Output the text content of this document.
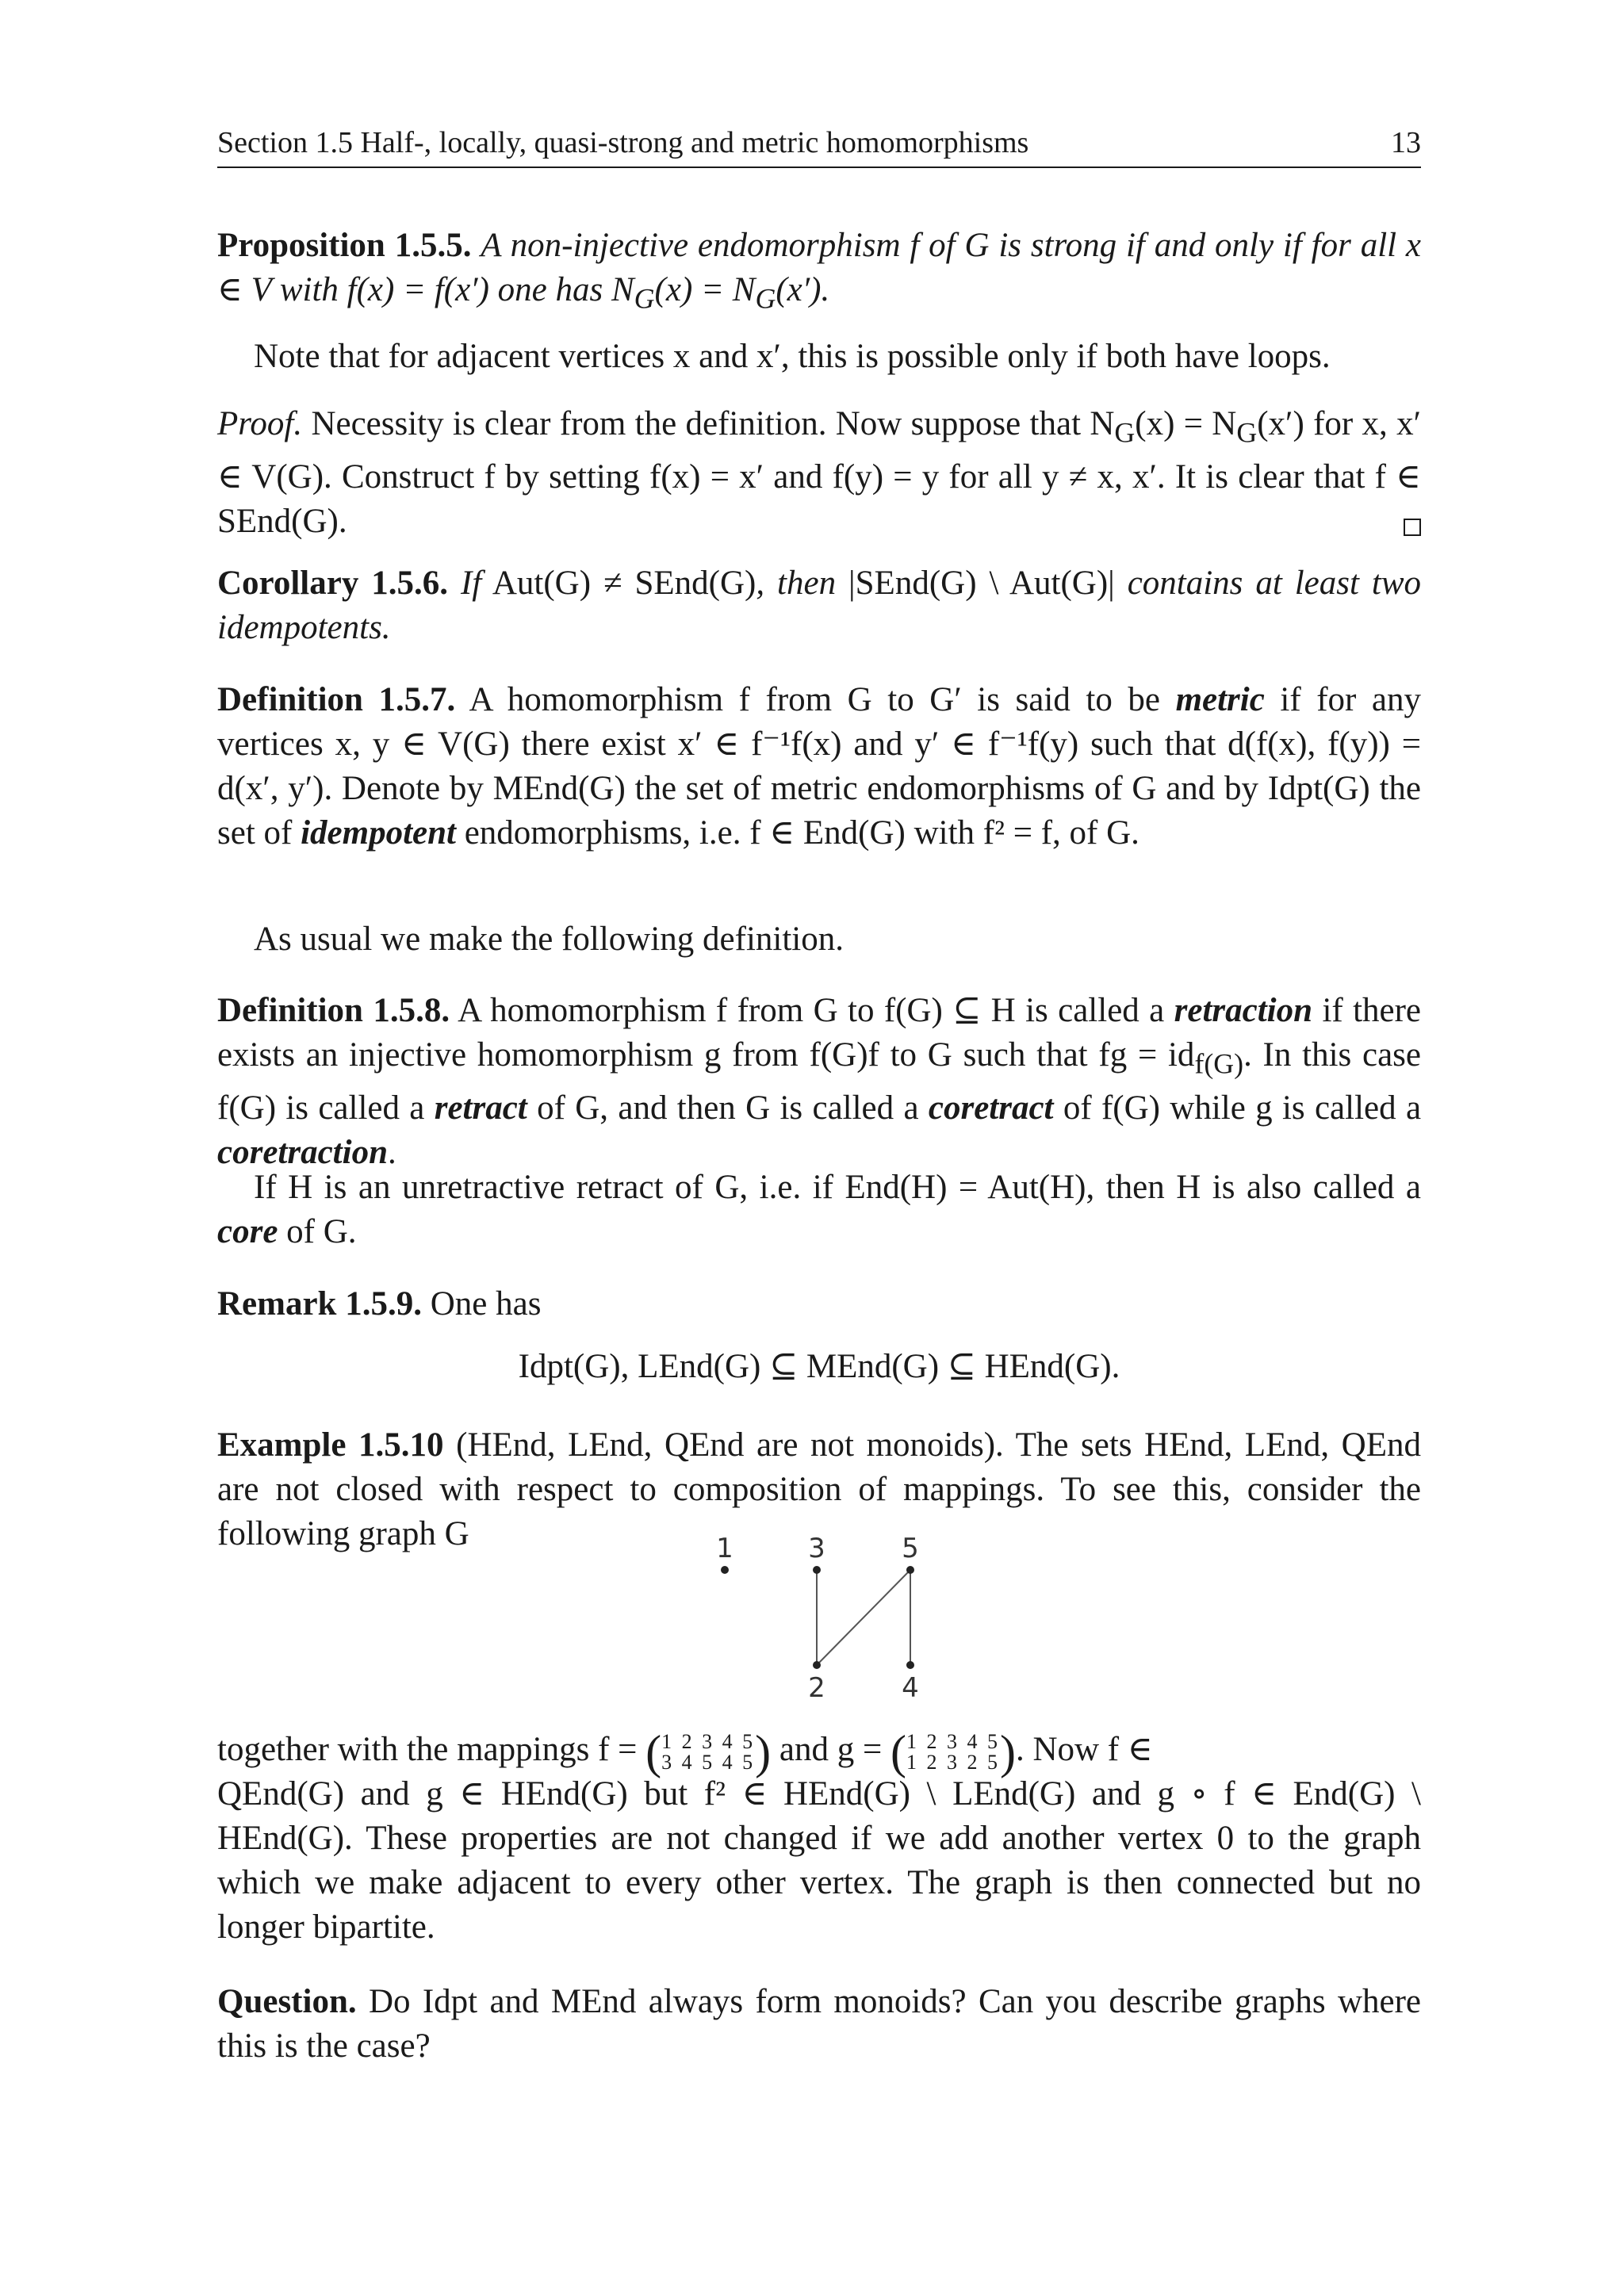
Section 1.5 Half-, locally, quasi-strong and metric homomorphisms	13

Proposition 1.5.5. A non-injective endomorphism f of G is strong if and only if for all x ∈ V with f(x) = f(x′) one has $N_G(x) = N_G(x')$.

Note that for adjacent vertices x and x′, this is possible only if both have loops.

Proof. Necessity is clear from the definition. Now suppose that $N_G(x) = N_G(x')$ for x, x′ ∈ V(G). Construct f by setting f(x) = x′ and f(y) = y for all y ≠ x, x′. It is clear that f ∈ SEnd(G).

Corollary 1.5.6. If Aut(G) ≠ SEnd(G), then |SEnd(G) \ Aut(G)| contains at least two idempotents.

Definition 1.5.7. A homomorphism f from G to G′ is said to be metric if for any vertices x, y ∈ V(G) there exist x′ ∈ f⁻¹f(x) and y′ ∈ f⁻¹f(y) such that d(f(x), f(y)) = d(x′, y′). Denote by MEnd(G) the set of metric endomorphisms of G and by Idpt(G) the set of idempotent endomorphisms, i.e. f ∈ End(G) with f² = f, of G.

As usual we make the following definition.

Definition 1.5.8. A homomorphism f from G to f(G) ⊆ H is called a retraction if there exists an injective homomorphism g from f(G)f to G such that fg = $id_{f(G)}$. In this case f(G) is called a retract of G, and then G is called a coretract of f(G) while g is called a coretraction.

If H is an unretractive retract of G, i.e. if End(H) = Aut(H), then H is also called a core of G.

Remark 1.5.9. One has

Idpt(G), LEnd(G) ⊆ MEnd(G) ⊆ HEnd(G).

Example 1.5.10 (HEnd, LEnd, QEnd are not monoids). The sets HEnd, LEnd, QEnd are not closed with respect to composition of mappings. To see this, consider the following graph G	1	3	5
2	4

together with the mappings f = ( 1 2 3 4 5
3 4 5 4 5 ) and g = ( 1 2 3 4 5
1 2 3 2 5 ). Now f ∈

QEnd(G) and g ∈ HEnd(G) but f² ∈ HEnd(G) \ LEnd(G) and g ∘ f ∈ End(G) \ HEnd(G). These properties are not changed if we add another vertex 0 to the graph which we make adjacent to every other vertex. The graph is then connected but no longer bipartite.

Question. Do Idpt and MEnd always form monoids? Can you describe graphs where this is the case?
